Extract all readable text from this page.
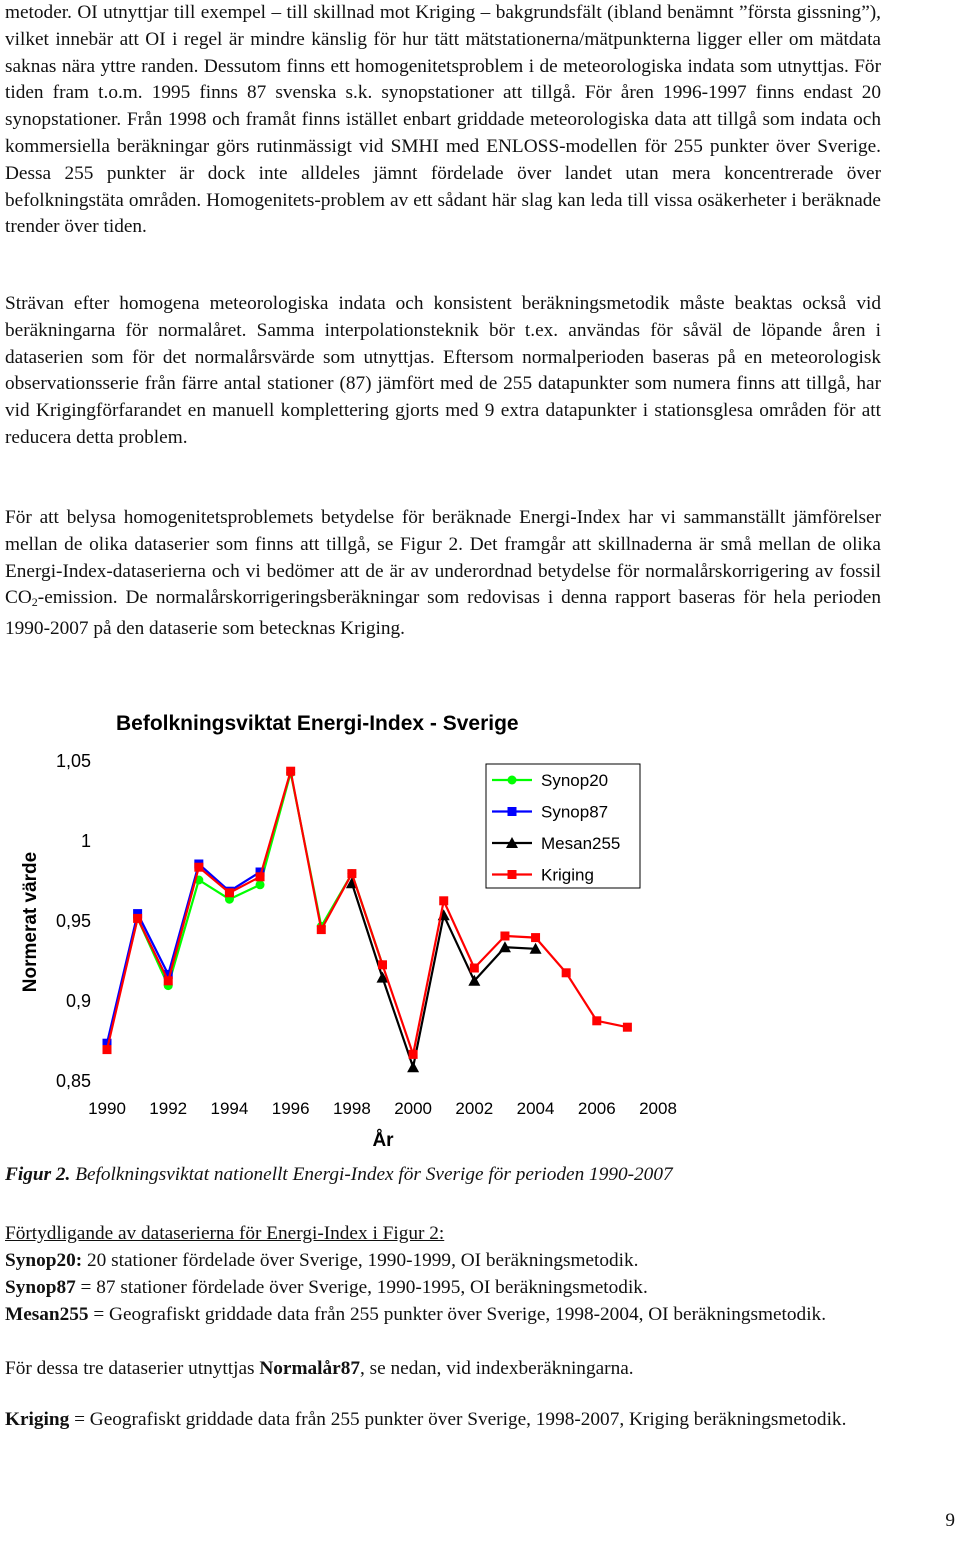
metoder. OI utnyttjar till exempel – till skillnad mot Kriging – bakgrundsfält (ibland benämnt ”första gissning”), vilket innebär att OI i regel är mindre känslig för hur tätt mätstationerna/mätpunkterna ligger eller om mätdata saknas nära yttre randen. Dessutom finns ett homogenitetsproblem i de meteorologiska indata som utnyttjas. För tiden fram t.o.m. 1995 finns 87 svenska s.k. synopstationer att tillgå. För åren 1996-1997 finns endast 20 synopstationer. Från 1998 och framåt finns istället enbart griddade meteorologiska data att tillgå som indata och kommersiella beräkningar görs rutinmässigt vid SMHI med ENLOSS-modellen för 255 punkter över Sverige. Dessa 255 punkter är dock inte alldeles jämnt fördelade över landet utan mera koncentrerade över befolkningstäta områden. Homogenitets-problem av ett sådant här slag kan leda till vissa osäkerheter i beräknade trender över tiden.

Strävan efter homogena meteorologiska indata och konsistent beräkningsmetodik måste beaktas också vid beräkningarna för normalåret. Samma interpolationsteknik bör t.ex. användas för såväl de löpande åren i dataserien som för det normalårsvärde som utnyttjas. Eftersom normalperioden baseras på en meteorologisk observationsserie från färre antal stationer (87) jämfört med de 255 datapunkter som numera finns att tillgå, har vid Krigingförfarandet en manuell komplettering gjorts med 9 extra datapunkter i stationsglesa områden för att reducera detta problem.

För att belysa homogenitetsproblemets betydelse för beräknade Energi-Index har vi sammanställt jämförelser mellan de olika dataserier som finns att tillgå, se Figur 2. Det framgår att skillnaderna är små mellan de olika Energi-Index-dataserierna och vi bedömer att de är av underordnad betydelse för normalårskorrigering av fossil $CO_2$-emission. De normalårskorrigeringsberäkningar som redovisas i denna rapport baseras för hela perioden 1990-2007 på den dataserie som betecknas Kriging.

Befolkningsviktat Energi-Index - Sverige
Normerat värde
År
0,85
0,9
0,95
1
1,05
1990 1992 1994 1996 1998 2000 2002 2004 2006 2008
Synop20
Synop87
Mesan255
Kriging

Figur 2. Befolkningsviktat nationellt Energi-Index för Sverige för perioden 1990-2007

Förtydligande av dataserierna för Energi-Index i Figur 2:

Synop20: 20 stationer fördelade över Sverige, 1990-1999, OI beräkningsmetodik.

Synop87 = 87 stationer fördelade över Sverige, 1990-1995, OI beräkningsmetodik.

Mesan255 = Geografiskt griddade data från 255 punkter över Sverige, 1998-2004, OI beräkningsmetodik.

För dessa tre dataserier utnyttjas Normalår87, se nedan, vid indexberäkningarna.

Kriging = Geografiskt griddade data från 255 punkter över Sverige, 1998-2007, Kriging beräkningsmetodik.

9
